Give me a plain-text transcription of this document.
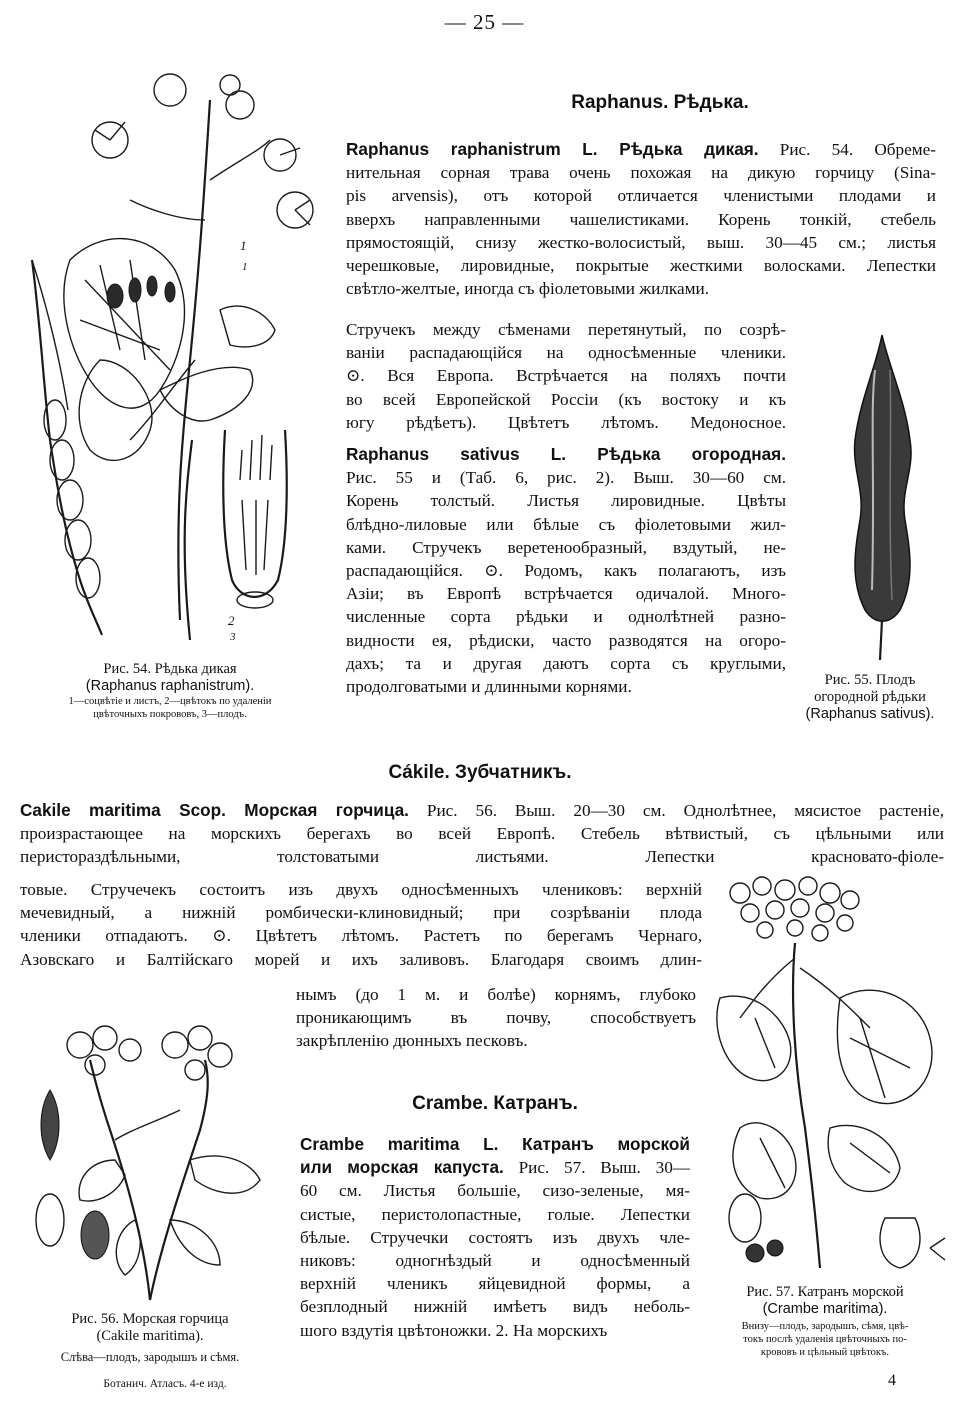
— 25 —
Raphanus. Рѣдька.
Raphanus raphanistrum L. Рѣдька дикая. Рис. 54. Обреме-
нительная сорная трава очень похожая на дикую горчицу (Sina-
pis arvensis), отъ которой отличается членистыми плодами и
вверхъ направленными чашелистиками. Корень тонкій, стебель
прямостоящій, снизу жестко-волосистый, выш. 30—45 см.; листья
черешковые, лировидные, покрытые жесткими волосками. Лепестки
свѣтло-желтые, иногда съ фіолетовыми жилками.
Стручекъ между сѣменами перетянутый, по созрѣ-
ваніи распадающійся на односѣменные членики.
⊙. Вся Европа. Встрѣчается на поляхъ почти
во всей Европейской Россіи (къ востоку и къ
югу рѣдѣетъ). Цвѣтетъ лѣтомъ. Медоносное.
Raphanus sativus L. Рѣдька огородная.
Рис. 55 и (Таб. 6, рис. 2). Выш. 30—60 см.
Корень толстый. Листья лировидные. Цвѣты
блѣдно-лиловые или бѣлые съ фіолетовыми жил-
ками. Стручекъ веретенообразный, вздутый, не-
распадающійся. ⊙. Родомъ, какъ полагаютъ, изъ
Азіи; въ Европѣ встрѣчается одичалой. Много-
численные сорта рѣдьки и однолѣтней разно-
видности ея, рѣдиски, часто разводятся на огоро-
дахъ; та и другая даютъ сорта съ круглыми,
продолговатыми и длинными корнями.
1
1
2
3
Рис. 54. Рѣдька дикая
(Raphanus raphanistrum).
1—соцвѣтіе и листъ, 2—цвѣтокъ по удаленіи
цвѣточныхъ покрововъ, 3—плодъ.
Рис. 55. Плодъ
огородной рѣдьки
(Raphanus sativus).
Cákile. Зубчатникъ.
Cakile maritima Scop. Морская горчица. Рис. 56. Выш. 20—30 см. Однолѣтнее, мясистое растеніе,
произрастающее на морскихъ берегахъ во всей Европѣ. Стебель вѣтвистый, съ цѣльными или
перистораздѣльными, толстоватыми листьями. Лепестки красновато-фіоле-
товые. Стручечекъ состоитъ изъ двухъ односѣменныхъ члениковъ: верхній
мечевидный, а нижній ромбически-клиновидный; при созрѣваніи плода
членики отпадаютъ. ⊙. Цвѣтетъ лѣтомъ. Растетъ по берегамъ Чернаго,
Азовскаго и Балтійскаго морей и ихъ заливовъ. Благодаря своимъ длин-
нымъ (до 1 м. и болѣе) корнямъ, глубоко
проникающимъ въ почву, способствуетъ
закрѣпленію дюнныхъ песковъ.
Рис. 56. Морская горчица
(Cakile maritima).
Слѣва—плодъ, зародышъ и сѣмя.
Crambe. Катранъ.
Crambe maritima L. Катранъ морской
или морская капуста. Рис. 57. Выш. 30—
60 см. Листья большіе, сизо-зеленые, мя-
систые, перистолопастные, голые. Лепестки
бѣлые. Стручечки состоятъ изъ двухъ чле-
никовъ: одногнѣздый и односѣменный
верхній членикъ яйцевидной формы, а
безплодный нижній имѣетъ видъ неболь-
шого вздутія цвѣтоножки. 2. На морскихъ
Рис. 57. Катранъ морской
(Crambe maritima).
Внизу—плодъ, зародышъ, сѣмя, цвѣ-
токъ послѣ удаленія цвѣточныхъ по-
крововъ и цѣльный цвѣтокъ.
Ботанич. Атласъ. 4-е изд.	4
